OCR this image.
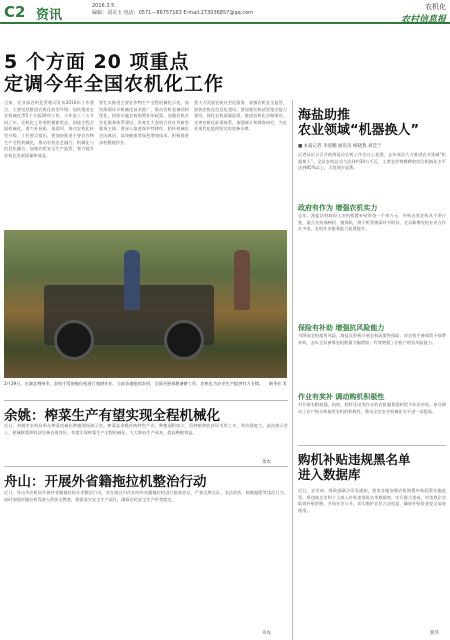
C2 资讯
2016.3.5
编辑：刘美玉 电话：0571—86757163 E-mail:273036857@qq.com
农机化
农村信息报
5 个方面 20 项重点
定调今年全国农机化工作
日前，农业部农机化管理司发布2016年工作要点，主要包括推进农机化转型升级、加快推进农业机械化等5个方面20项工作。今年是十三五开局之年，农机化工作要把握新常态，围绕全程全面机械化，着力补短板、强弱项，推动农机化转型升级。工作要点提出，要加快推进主要农作物生产全程机械化，推动农机农艺融合、机械化与信息化融合，加强农机安全生产监管，着力提升农机化发展质量和效益。
要扎实推进主要农作物生产全程机械化示范，加快薄弱环节机械化技术推广，推动农机装备结构优化，持续实施农机购置补贴政策，加强农机社会化服务体系建设，培育壮大农机合作社等新型服务主体。要深入推进保护性耕作、秸秆机械化还田离田、高效植保等绿色增效技术，积极推进深松整地作业。
要大力发展农机社会化服务，加强农机安全监管，加快农机化信息化建设。要加强农机试验鉴定能力建设，强化农机质量监督。推进农机化法制建设，完善农机化标准体系，加强统计和调查研究，为农业现代化提供坚实的装备支撑。
2月29日，在湖北荆州市，农机手驾驶拖拉机进行春耕作业。当前各地抢抓农时，全面开展春耕备耕工作，农机化为农业生产提供有力支撑。 新华社 发
余姚：榨菜生产有望实现全程机械化
近日，余姚市农机局举办榨菜机械化种植现场演示会。榨菜是余姚传统特色产业，种植面积较大，但种植和收获环节用工多、劳动强度大。此次演示会上，机械移栽和收获设备表现良好，有望实现榨菜生产全程机械化，大大降低生产成本，提高种植效益。
余农
舟山：开展外省籍拖拉机整治行动
近日，舟山市农机局开展外省籍拖拉机专项整治行动，对在辖区内作业的外省籍拖拉机进行排查登记，严查无牌无证、非法改装、超载超限等违法行为。同时加强对拖拉机驾驶人的安全教育，督促落实安全生产责任，确保农机安全生产形势稳定。
舟农
海盐助推
农业领域“机器换人”
■ 本报记者 李晨鹏 通讯员 杨晓燕 刘佳宁
记者从近日召开的海盐县农机工作会议上获悉，去年该县大力推进农业领域“机器换人”，全县农机总动力达到约30万千瓦，主要农作物耕种收综合机械化水平达到85%以上，示范效应显著。
政府有作为 增强农机实力
去年，海盐县财政投入农机购置补贴资金一千余万元，补贴各类农机具千余台套，重点支持插秧机、植保机、烘干机等薄弱环节机具，全县新增农机专业合作社多家，农机作业服务能力显著提升。
保险有补助 增强抗风险能力
为降低农机使用风险，海盐县积极开展农机政策性保险，对农机手参保给予保费补助，去年全县参保农机数量大幅增加，有效增强了农机户的抗风险能力。
作业有奖补 调动购机积极性
对开展水稻机插、机收、秸秆还田等作业的农机服务组织给予作业补贴，充分调动了农户购买和使用农机的积极性，推动全县农业机械化水平进一步提高。
购机补贴违规黑名单
进入数据库
近日，农业部、财政部联合印发通知，要求各地加强农机购置补贴政策实施监管，将违规企业和个人纳入补贴违规黑名单数据库，实行联合惩戒，对违规企业取消补贴资格，并向社会公开，切实维护农民合法权益，确保补贴资金安全高效使用。
新华
